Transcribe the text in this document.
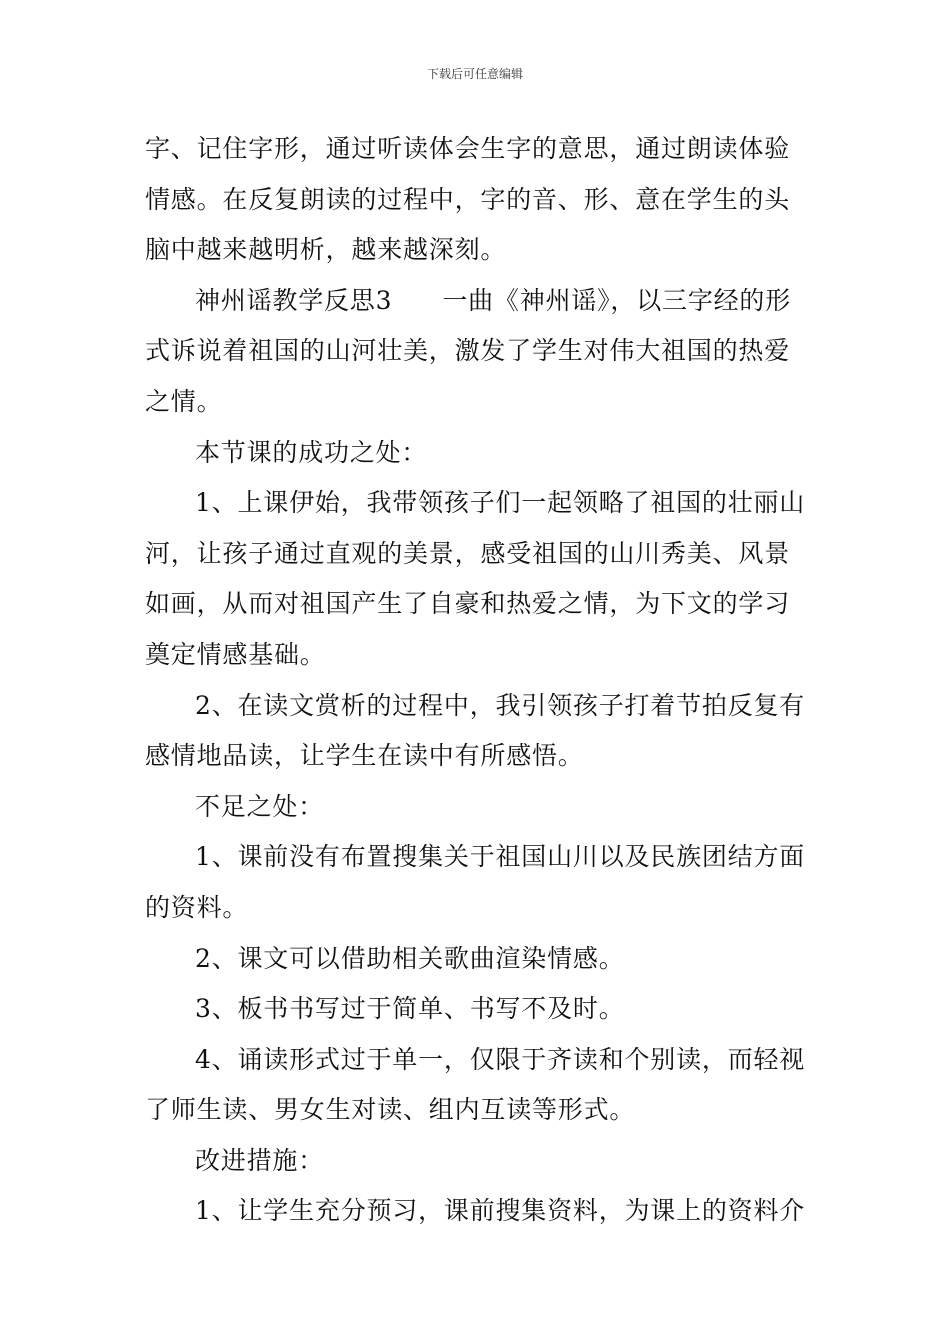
下载后可任意编辑
字、记住字形，通过听读体会生字的意思，通过朗读体验
情感。在反复朗读的过程中，字的音、形、意在学生的头
脑中越来越明析，越来越深刻。
神州谣教学反思3 一曲《神州谣》，以三字经的形
式诉说着祖国的山河壮美，激发了学生对伟大祖国的热爱
之情。
本节课的成功之处：
1、上课伊始，我带领孩子们一起领略了祖国的壮丽山
河，让孩子通过直观的美景，感受祖国的山川秀美、风景
如画，从而对祖国产生了自豪和热爱之情，为下文的学习
奠定情感基础。
2、在读文赏析的过程中，我引领孩子打着节拍反复有
感情地品读，让学生在读中有所感悟。
不足之处：
1、课前没有布置搜集关于祖国山川以及民族团结方面
的资料。
2、课文可以借助相关歌曲渲染情感。
3、板书书写过于简单、书写不及时。
4、诵读形式过于单一，仅限于齐读和个别读，而轻视
了师生读、男女生对读、组内互读等形式。
改进措施：
1、让学生充分预习，课前搜集资料，为课上的资料介
